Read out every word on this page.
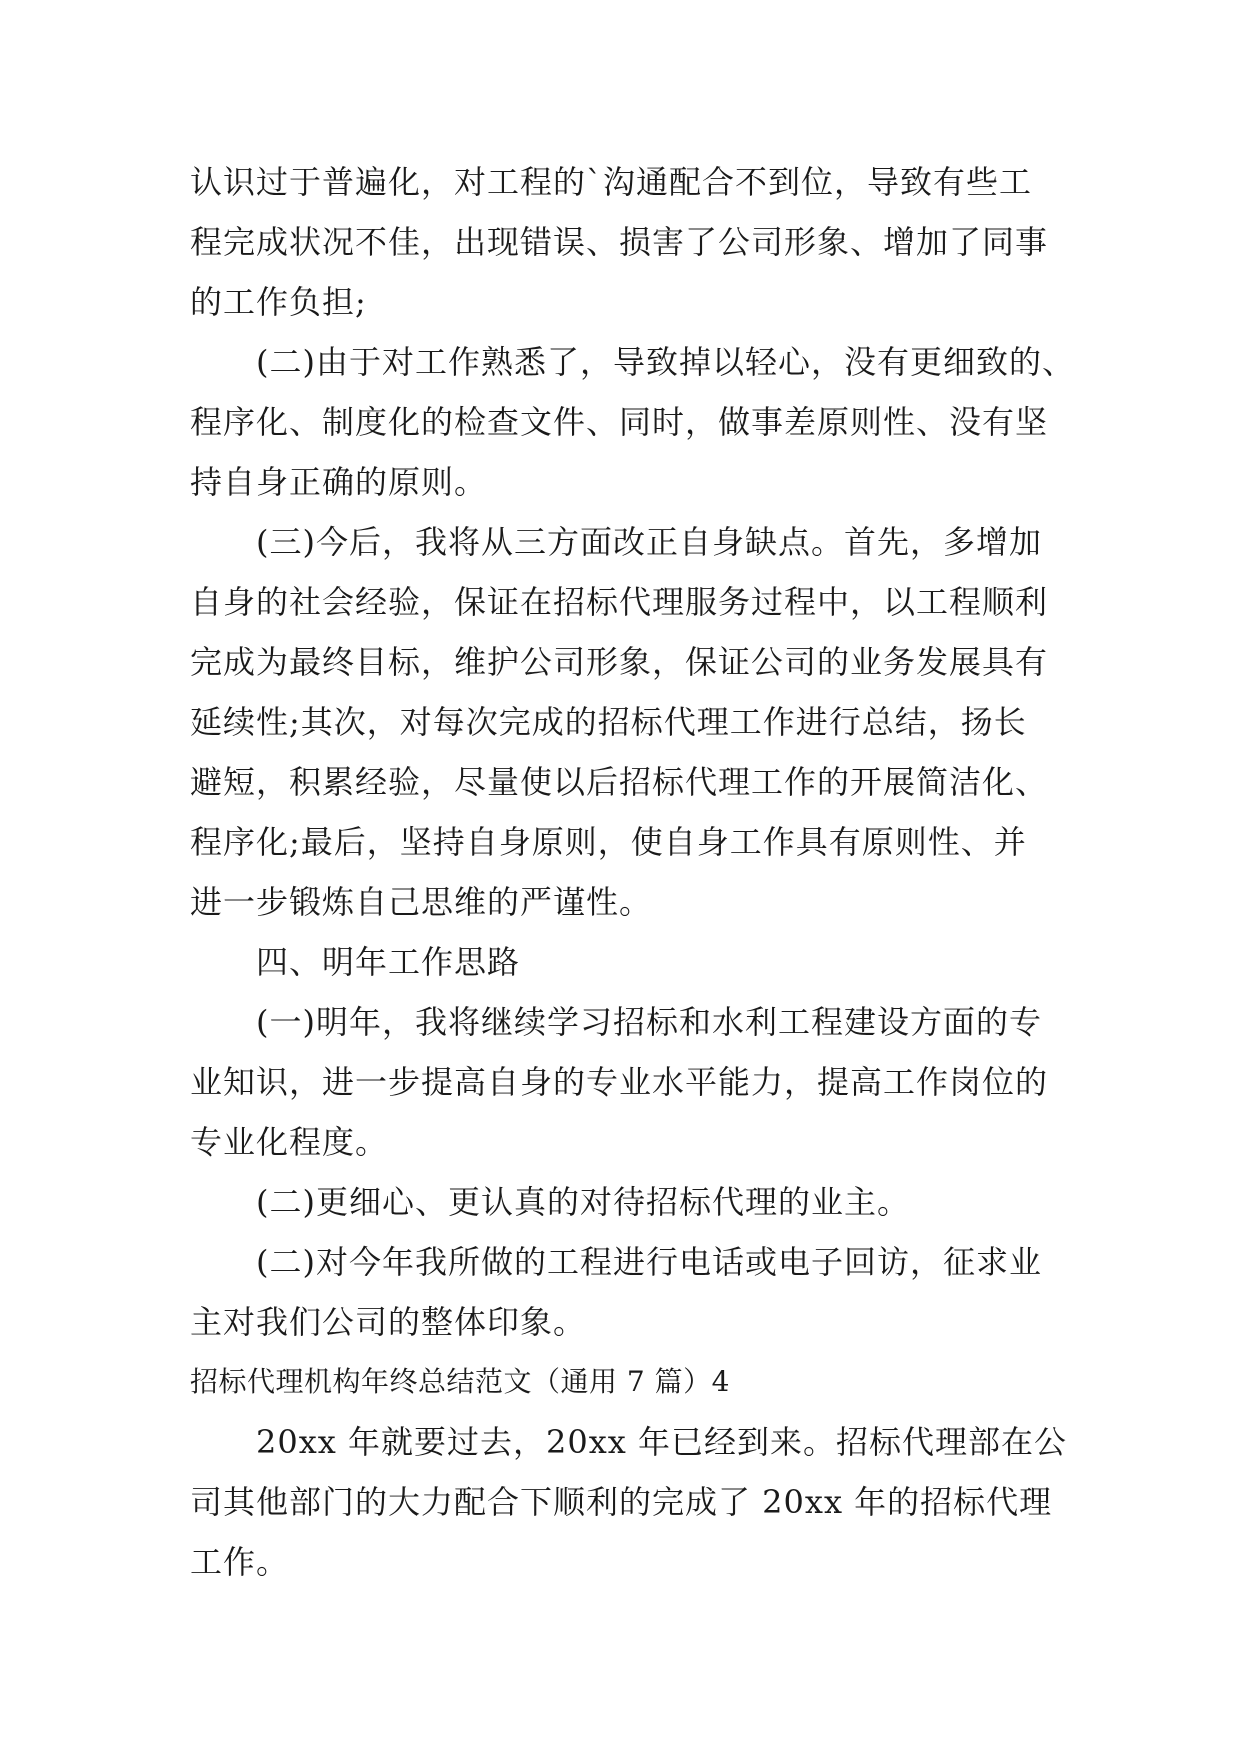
认识过于普遍化，对工程的`沟通配合不到位，导致有些工
程完成状况不佳，出现错误、损害了公司形象、增加了同事
的工作负担;
　　(二)由于对工作熟悉了，导致掉以轻心，没有更细致的、
程序化、制度化的检查文件、同时，做事差原则性、没有坚
持自身正确的原则。
　　(三)今后，我将从三方面改正自身缺点。首先，多增加
自身的社会经验，保证在招标代理服务过程中，以工程顺利
完成为最终目标，维护公司形象，保证公司的业务发展具有
延续性;其次，对每次完成的招标代理工作进行总结，扬长
避短，积累经验，尽量使以后招标代理工作的开展简洁化、
程序化;最后，坚持自身原则，使自身工作具有原则性、并
进一步锻炼自己思维的严谨性。
　　四、明年工作思路
　　(一)明年，我将继续学习招标和水利工程建设方面的专
业知识，进一步提高自身的专业水平能力，提高工作岗位的
专业化程度。
　　(二)更细心、更认真的对待招标代理的业主。
　　(二)对今年我所做的工程进行电话或电子回访，征求业
主对我们公司的整体印象。
招标代理机构年终总结范文（通用 7 篇）4
　　20xx 年就要过去，20xx 年已经到来。招标代理部在公
司其他部门的大力配合下顺利的完成了 20xx 年的招标代理
工作。
